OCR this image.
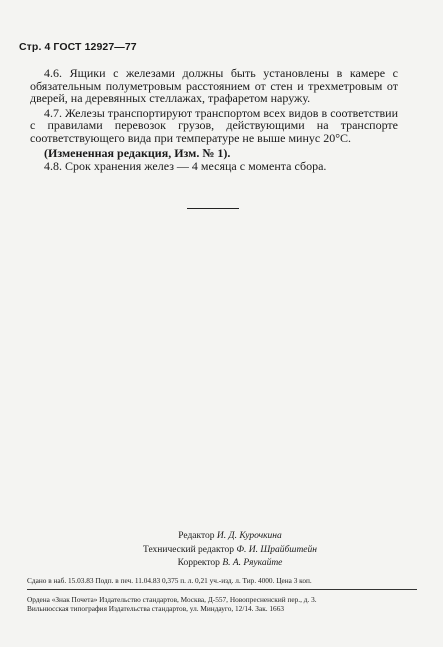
Стр. 4 ГОСТ 12927—77

4.6. Ящики с железами должны быть установлены в камере с обязательным полуметровым расстоянием от стен и трехметровым от дверей, на деревянных стеллажах, трафаретом наружу.

4.7. Железы транспортируют транспортом всех видов в соответствии с правилами перевозок грузов, действующими на транспорте соответствующего вида при температуре не выше минус 20°С.

(Измененная редакция, Изм. № 1).

4.8. Срок хранения желез — 4 месяца с момента сбора.

Редактор И. Д. Курочкина
Технический редактор Ф. И. Шрайбштейн
Корректор В. А. Ряукайте
Сдано в наб. 15.03.83 Подп. в печ. 11.04.83 0,375 п. л. 0,21 уч.-изд. л. Тир. 4000. Цена 3 коп.
Ордена «Знак Почета» Издательство стандартов, Москва, Д-557, Новопресненский пер., д. 3.
Вильнюсская типография Издательства стандартов, ул. Миндауго, 12/14. Зак. 1663
